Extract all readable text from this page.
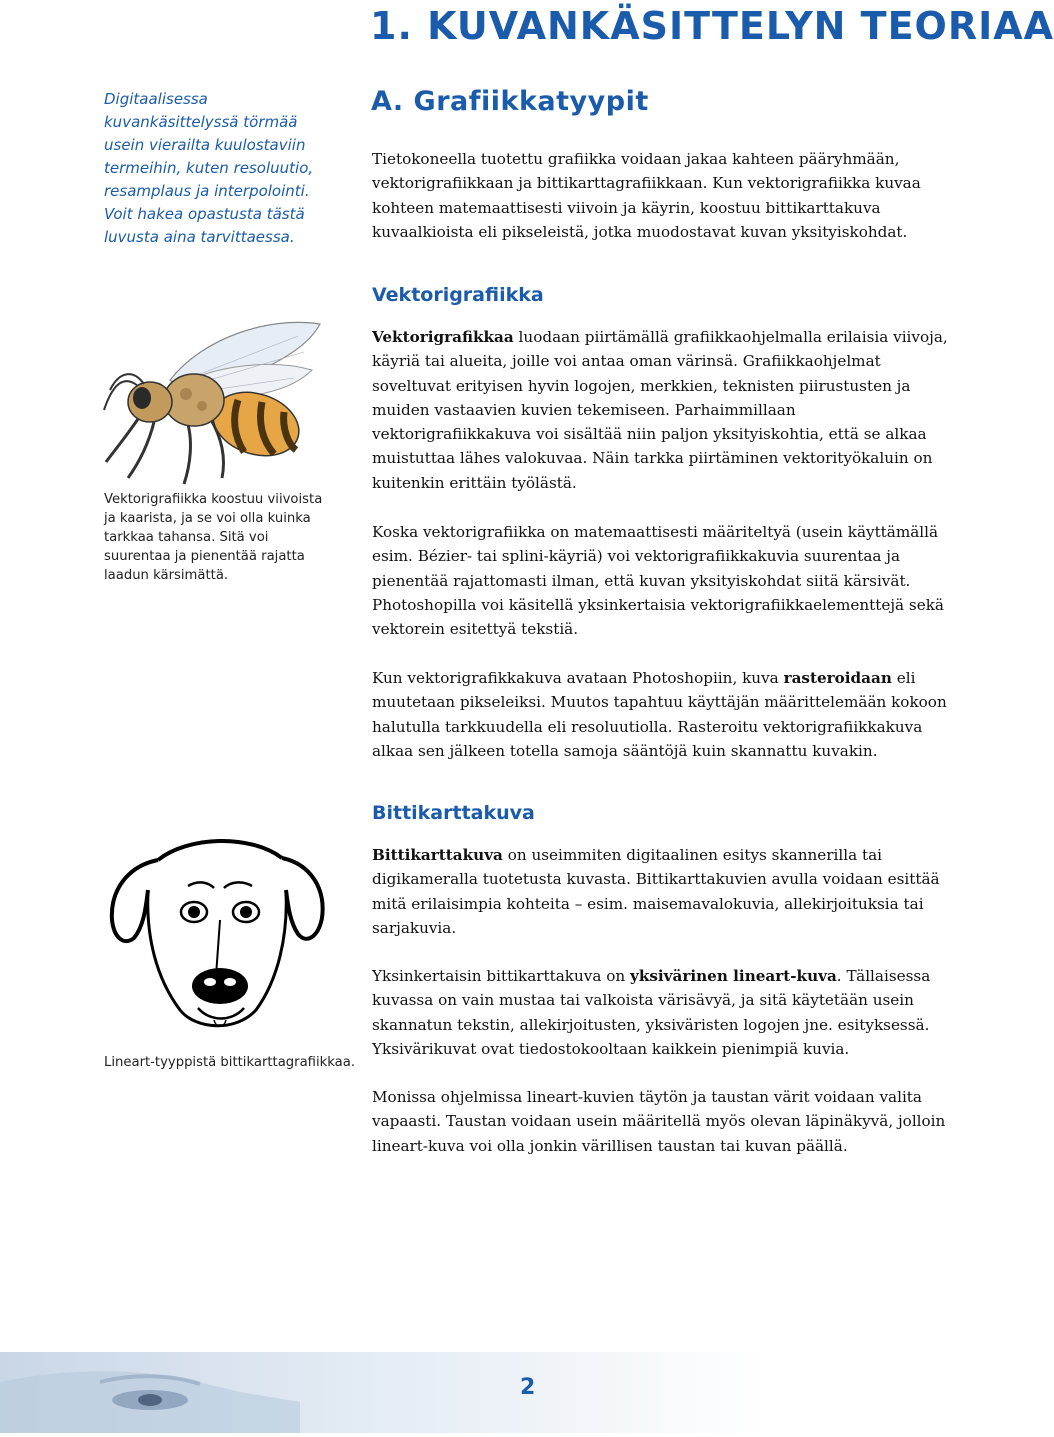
1. KUVANKÄSITTELYN TEORIAA
Digitaalisessa kuvankäsittelyssä törmää usein vierailta kuulostaviin termeihin, kuten resoluutio, resamplaus ja interpolointi. Voit hakea opastusta tästä luvusta aina tarvittaessa.
Vektorigrafiikka koostuu viivoista ja kaarista, ja se voi olla kuinka tarkkaa tahansa. Sitä voi suurentaa ja pienentää rajatta laadun kärsimättä.
Lineart-tyyppistä bittikarttagrafiikkaa.
A. Grafiikkatyypit

Tietokoneella tuotettu grafiikka voidaan jakaa kahteen pääryhmään, vektorigrafiikkaan ja bittikarttagrafiikkaan. Kun vektorigrafiikka kuvaa kohteen matemaattisesti viivoin ja käyrin, koostuu bittikarttakuva kuvaalkioista eli pikseleistä, jotka muodostavat kuvan yksityiskohdat.

Vektorigrafiikka

Vektorigrafikkaa luodaan piirtämällä grafiikkaohjelmalla erilaisia viivoja, käyriä tai alueita, joille voi antaa oman värinsä. Grafiikkaohjelmat soveltuvat erityisen hyvin logojen, merkkien, teknisten piirustusten ja muiden vastaavien kuvien tekemiseen. Parhaimmillaan vektorigrafiikkakuva voi sisältää niin paljon yksityiskohtia, että se alkaa muistuttaa lähes valokuvaa. Näin tarkka piirtäminen vektorityökaluin on kuitenkin erittäin työlästä.

Koska vektorigrafiikka on matemaattisesti määriteltyä (usein käyttämällä esim. Bézier- tai splini-käyriä) voi vektorigrafiikkakuvia suurentaa ja pienentää rajattomasti ilman, että kuvan yksityiskohdat siitä kärsivät. Photoshopilla voi käsitellä yksinkertaisia vektorigrafiikkaelementtejä sekä vektorein esitettyä tekstiä.

Kun vektorigrafikkakuva avataan Photoshopiin, kuva rasteroidaan eli muutetaan pikseleiksi. Muutos tapahtuu käyttäjän määrittelemään kokoon halutulla tarkkuudella eli resoluutiolla. Rasteroitu vektorigrafiikkakuva alkaa sen jälkeen totella samoja sääntöjä kuin skannattu kuvakin.

Bittikarttakuva

Bittikarttakuva on useimmiten digitaalinen esitys skannerilla tai digikameralla tuotetusta kuvasta. Bittikarttakuvien avulla voidaan esittää mitä erilaisimpia kohteita – esim. maisemavalokuvia, allekirjoituksia tai sarjakuvia.

Yksinkertaisin bittikarttakuva on yksivärinen lineart-kuva. Tällaisessa kuvassa on vain mustaa tai valkoista värisävyä, ja sitä käytetään usein skannatun tekstin, allekirjoitusten, yksiväristen logojen jne. esityksessä. Yksivärikuvat ovat tiedostokooltaan kaikkein pienimpiä kuvia.

Monissa ohjelmissa lineart-kuvien täytön ja taustan värit voidaan valita vapaasti. Taustan voidaan usein määritellä myös olevan läpinäkyvä, jolloin lineart-kuva voi olla jonkin värillisen taustan tai kuvan päällä.

2
